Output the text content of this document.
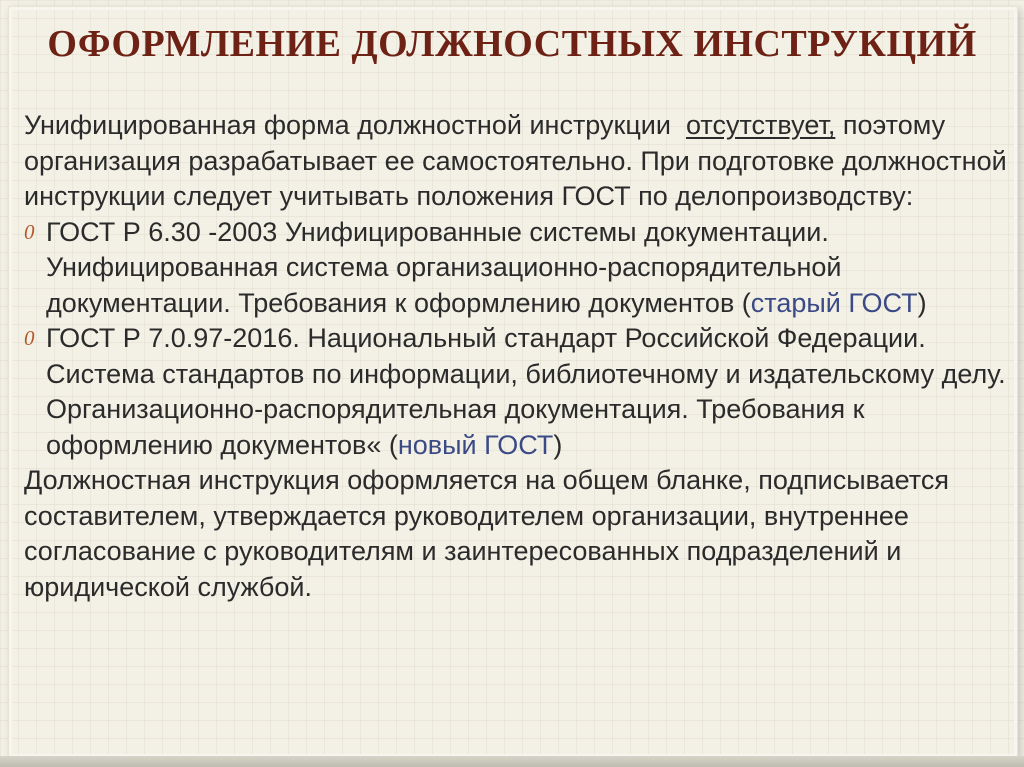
ОФОРМЛЕНИЕ ДОЛЖНОСТНЫХ ИНСТРУКЦИЙ

Унифицированная форма должностной инструкции отсутствует, поэтому организация разрабатывает ее самостоятельно. При подготовке должностной инструкции следует учитывать положения ГОСТ по делопроизводству:

0 ГОСТ Р 6.30 -2003 Унифицированные системы документации. Унифицированная система организационно-распорядительной документации. Требования к оформлению документов (старый ГОСТ)

0 ГОСТ Р 7.0.97-2016. Национальный стандарт Российской Федерации. Система стандартов по информации, библиотечному и издательскому делу. Организационно-распорядительная документация. Требования к оформлению документов« (новый ГОСТ)

Должностная инструкция оформляется на общем бланке, подписывается составителем, утверждается руководителем организации, внутреннее согласование с руководителям и заинтересованных подразделений и юридической службой.
